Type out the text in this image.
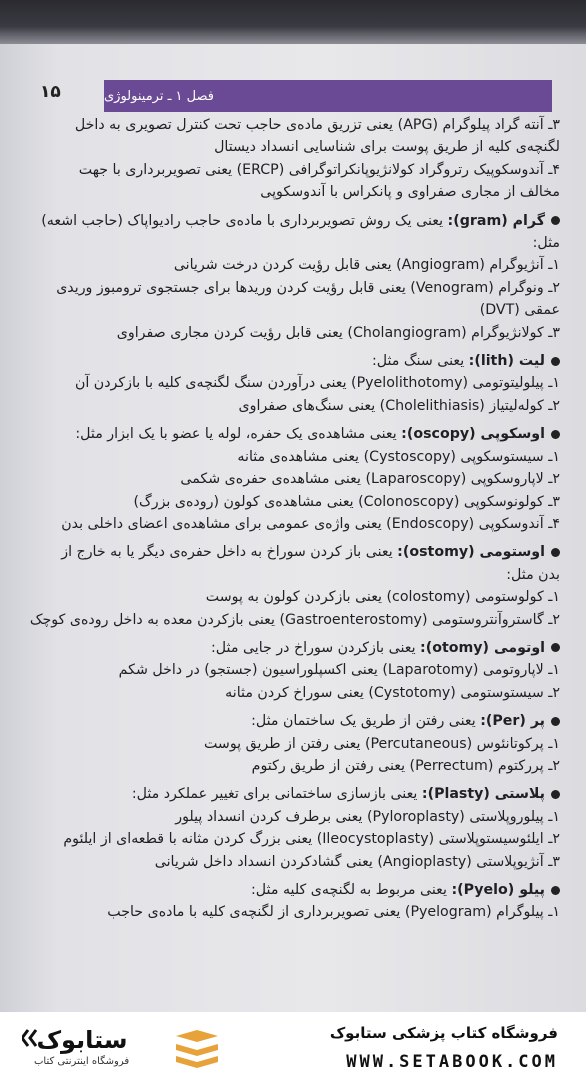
۱۵	فصل ۱ ـ ترمینولوژی

۳ـ آنته گراد پیلوگرام (APG) یعنی تزریق ماده‌ی حاجب تحت کنترل تصویری به داخل

لگنچه‌ی کلیه از طریق پوست برای شناسایی انسداد دیستال

۴ـ آندوسکوپیک رتروگراد کولانژیوپانکراتوگرافی (ERCP) یعنی تصویربرداری با جهت

مخالف از مجاری صفراوی و پانکراس با آندوسکوپی

گرام (gram): یعنی یک روش تصویربرداری با ماده‌ی حاجب رادیواپاک (حاجب اشعه)

مثل:

۱ـ آنژیوگرام (Angiogram) یعنی قابل رؤیت کردن درخت شریانی

۲ـ ونوگرام (Venogram) یعنی قابل رؤیت کردن وریدها برای جستجوی ترومبوز وریدی

عمقی (DVT)

۳ـ کولانژیوگرام (Cholangiogram) یعنی قابل رؤیت کردن مجاری صفراوی

لیت (lith): یعنی سنگ مثل:

۱ـ پیلولیتوتومی (Pyelolithotomy) یعنی درآوردن سنگ لگنچه‌ی کلیه با بازکردن آن

۲ـ کوله‌لیتیاز (Cholelithiasis) یعنی سنگ‌های صفراوی

اوسکوپی (oscopy): یعنی مشاهده‌ی یک حفره، لوله یا عضو با یک ابزار مثل:

۱ـ سیستوسکوپی (Cystoscopy) یعنی مشاهده‌ی مثانه

۲ـ لاپاروسکوپی (Laparoscopy) یعنی مشاهده‌ی حفره‌ی شکمی

۳ـ کولونوسکوپی (Colonoscopy) یعنی مشاهده‌ی کولون (روده‌ی بزرگ)

۴ـ آندوسکوپی (Endoscopy) یعنی واژه‌ی عمومی برای مشاهده‌ی اعضای داخلی بدن

اوستومی (ostomy): یعنی باز کردن سوراخ به داخل حفره‌ی دیگر یا به خارج از

بدن مثل:

۱ـ کولوستومی (colostomy) یعنی بازکردن کولون به پوست

۲ـ گاسترو‌آنتروستومی (Gastroenterostomy) یعنی بازکردن معده به داخل روده‌ی کوچک

اوتومی (otomy): یعنی بازکردن سوراخ در جایی مثل:

۱ـ لاپاروتومی (Laparotomy) یعنی اکسپلوراسیون (جستجو) در داخل شکم

۲ـ سیستوستومی (Cystotomy) یعنی سوراخ کردن مثانه

پر (Per): یعنی رفتن از طریق یک ساختمان مثل:

۱ـ پرکوتانئوس (Percutaneous) یعنی رفتن از طریق پوست

۲ـ پررکتوم (Perrectum) یعنی رفتن از طریق رکتوم

پلاستی (Plasty): یعنی بازسازی ساختمانی برای تغییر عملکرد مثل:

۱ـ پیلوروپلاستی (Pyloroplasty) یعنی برطرف کردن انسداد پیلور

۲ـ ایلئوسیستوپلاستی (Ileocystoplasty) یعنی بزرگ کردن مثانه با قطعه‌ای از ایلئوم

۳ـ آنژیوپلاستی (Angioplasty) یعنی گشادکردن انسداد داخل شریانی

پیلو (Pyelo): یعنی مربوط به لگنچه‌ی کلیه مثل:

۱ـ پیلوگرام (Pyelogram) یعنی تصویربرداری از لگنچه‌ی کلیه با ماده‌ی حاجب

فروشگاه کتاب پزشکی ستابوک
WWW.SETABOOK.COM
ستابوک
فروشگاه اینترنتی کتاب
